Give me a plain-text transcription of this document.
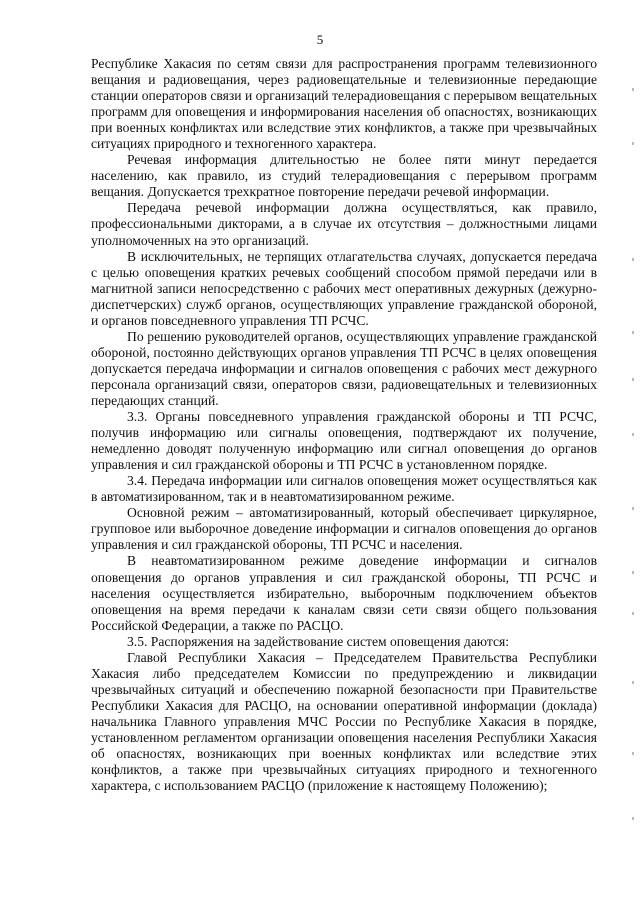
5

Республике Хакасия по сетям связи для распространения программ телевизионного вещания и радиовещания, через радиовещательные и телевизионные передающие станции операторов связи и организаций телерадиовещания с перерывом вещательных программ для оповещения и информирования населения об опасностях, возникающих при военных конфликтах или вследствие этих конфликтов, а также при чрезвычайных ситуациях природного и техногенного характера.

Речевая информация длительностью не более пяти минут передается населению, как правило, из студий телерадиовещания с перерывом программ вещания. Допускается трехкратное повторение передачи речевой информации.

Передача речевой информации должна осуществляться, как правило, профессиональными дикторами, а в случае их отсутствия – должностными лицами уполномоченных на это организаций.

В исключительных, не терпящих отлагательства случаях, допускается передача с целью оповещения кратких речевых сообщений способом прямой передачи или в магнитной записи непосредственно с рабочих мест оперативных дежурных (дежурно-диспетчерских) служб органов, осуществляющих управление гражданской обороной, и органов повседневного управления ТП РСЧС.

По решению руководителей органов, осуществляющих управление гражданской обороной, постоянно действующих органов управления ТП РСЧС в целях оповещения допускается передача информации и сигналов оповещения с рабочих мест дежурного персонала организаций связи, операторов связи, радиовещательных и телевизионных передающих станций.

3.3. Органы повседневного управления гражданской обороны и ТП РСЧС, получив информацию или сигналы оповещения, подтверждают их получение, немедленно доводят полученную информацию или сигнал оповещения до органов управления и сил гражданской обороны и ТП РСЧС в установленном порядке.

3.4. Передача информации или сигналов оповещения может осуществляться как в автоматизированном, так и в неавтоматизированном режиме.

Основной режим – автоматизированный, который обеспечивает циркулярное, групповое или выборочное доведение информации и сигналов оповещения до органов управления и сил гражданской обороны, ТП РСЧС и населения.

В неавтоматизированном режиме доведение информации и сигналов оповещения до органов управления и сил гражданской обороны, ТП РСЧС и населения осуществляется избирательно, выборочным подключением объектов оповещения на время передачи к каналам связи сети связи общего пользования Российской Федерации, а также по РАСЦО.

3.5. Распоряжения на задействование систем оповещения даются:

Главой Республики Хакасия – Председателем Правительства Республики Хакасия либо председателем Комиссии по предупреждению и ликвидации чрезвычайных ситуаций и обеспечению пожарной безопасности при Правительстве Республики Хакасия для РАСЦО, на основании оперативной информации (доклада) начальника Главного управления МЧС России по Республике Хакасия в порядке, установленном регламентом организации оповещения населения Республики Хакасия об опасностях, возникающих при военных конфликтах или вследствие этих конфликтов, а также при чрезвычайных ситуациях природного и техногенного характера, с использованием РАСЦО (приложение к настоящему Положению);
